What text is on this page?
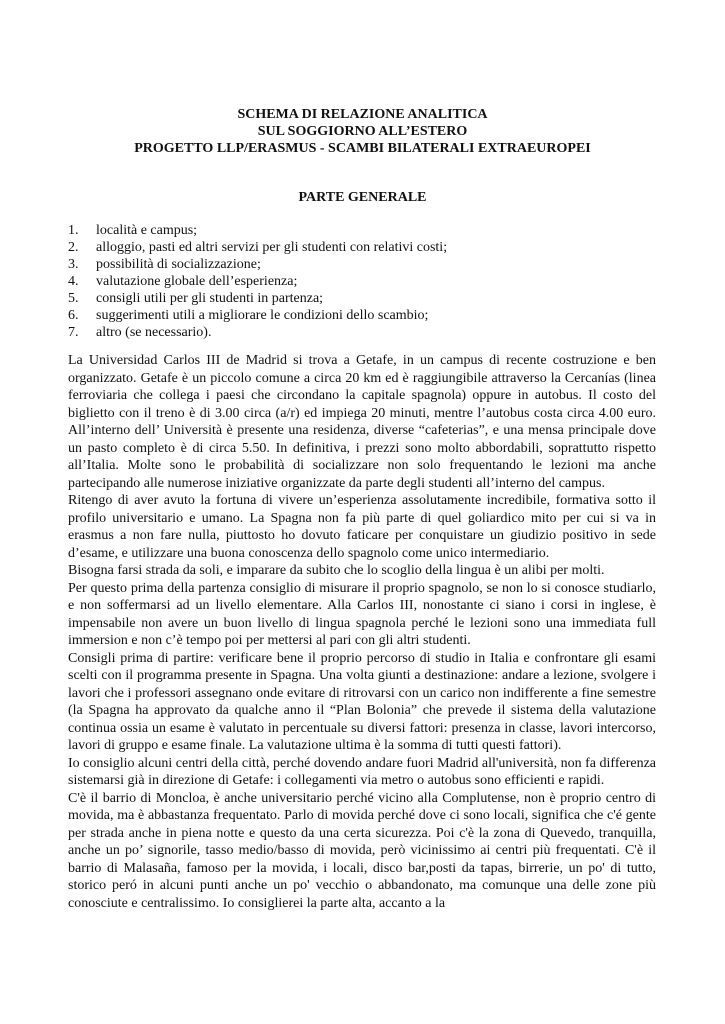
SCHEMA DI RELAZIONE ANALITICA
SUL SOGGIORNO ALL’ESTERO
PROGETTO LLP/ERASMUS - SCAMBI BILATERALI EXTRAEUROPEI
PARTE GENERALE
1. località e campus;
2. alloggio, pasti ed altri servizi per gli studenti con relativi costi;
3. possibilità di socializzazione;
4. valutazione globale dell’esperienza;
5. consigli utili per gli studenti in partenza;
6. suggerimenti utili a migliorare le condizioni dello scambio;
7. altro (se necessario).

La Universidad Carlos III de Madrid si trova a Getafe, in un campus di recente costruzione e ben organizzato. Getafe è un piccolo comune a circa 20 km ed è raggiungibile attraverso la Cercanías (linea ferroviaria che collega i paesi che circondano la capitale spagnola) oppure in autobus. Il costo del biglietto con il treno è di 3.00 circa (a/r) ed impiega 20 minuti, mentre l’autobus costa circa 4.00 euro. All’interno dell’ Università è presente una residenza, diverse “cafeterias”, e una mensa principale dove un pasto completo è di circa 5.50. In definitiva, i prezzi sono molto abbordabili, soprattutto rispetto all’Italia. Molte sono le probabilità di socializzare non solo frequentando le lezioni ma anche partecipando alle numerose iniziative organizzate da parte degli studenti all’interno del campus.

Ritengo di aver avuto la fortuna di vivere un’esperienza assolutamente incredibile, formativa sotto il profilo universitario e umano. La Spagna non fa più parte di quel goliardico mito per cui si va in erasmus a non fare nulla, piuttosto ho dovuto faticare per conquistare un giudizio positivo in sede d’esame, e utilizzare una buona conoscenza dello spagnolo come unico intermediario.

Bisogna farsi strada da soli, e imparare da subito che lo scoglio della lingua è un alibi per molti.

Per questo prima della partenza consiglio di misurare il proprio spagnolo, se non lo si conosce studiarlo, e non soffermarsi ad un livello elementare. Alla Carlos III, nonostante ci siano i corsi in inglese, è impensabile non avere un buon livello di lingua spagnola perché le lezioni sono una immediata full immersion e non c’è tempo poi per mettersi al pari con gli altri studenti.

Consigli prima di partire: verificare bene il proprio percorso di studio in Italia e confrontare gli esami scelti con il programma presente in Spagna. Una volta giunti a destinazione: andare a lezione, svolgere i lavori che i professori assegnano onde evitare di ritrovarsi con un carico non indifferente a fine semestre (la Spagna ha approvato da qualche anno il “Plan Bolonia” che prevede il sistema della valutazione continua ossia un esame è valutato in percentuale su diversi fattori: presenza in classe, lavori intercorso, lavori di gruppo e esame finale. La valutazione ultima è la somma di tutti questi fattori).

Io consiglio alcuni centri della città, perché dovendo andare fuori Madrid all'università, non fa differenza sistemarsi già in direzione di Getafe: i collegamenti via metro o autobus sono efficienti e rapidi.

C'è il barrio di Moncloa, è anche universitario perché vicino alla Complutense, non è proprio centro di movida, ma è abbastanza frequentato. Parlo di movida perché dove ci sono locali, significa che c'é gente per strada anche in piena notte e questo da una certa sicurezza. Poi c'è la zona di Quevedo, tranquilla, anche un po’ signorile, tasso medio/basso di movida, però vicinissimo ai centri più frequentati. C'è il barrio di Malasaña, famoso per la movida, i locali, disco bar,posti da tapas, birrerie, un po' di tutto, storico peró in alcuni punti anche un po' vecchio o abbandonato, ma comunque una delle zone più conosciute e centralissimo. Io consiglierei la parte alta, accanto a la
